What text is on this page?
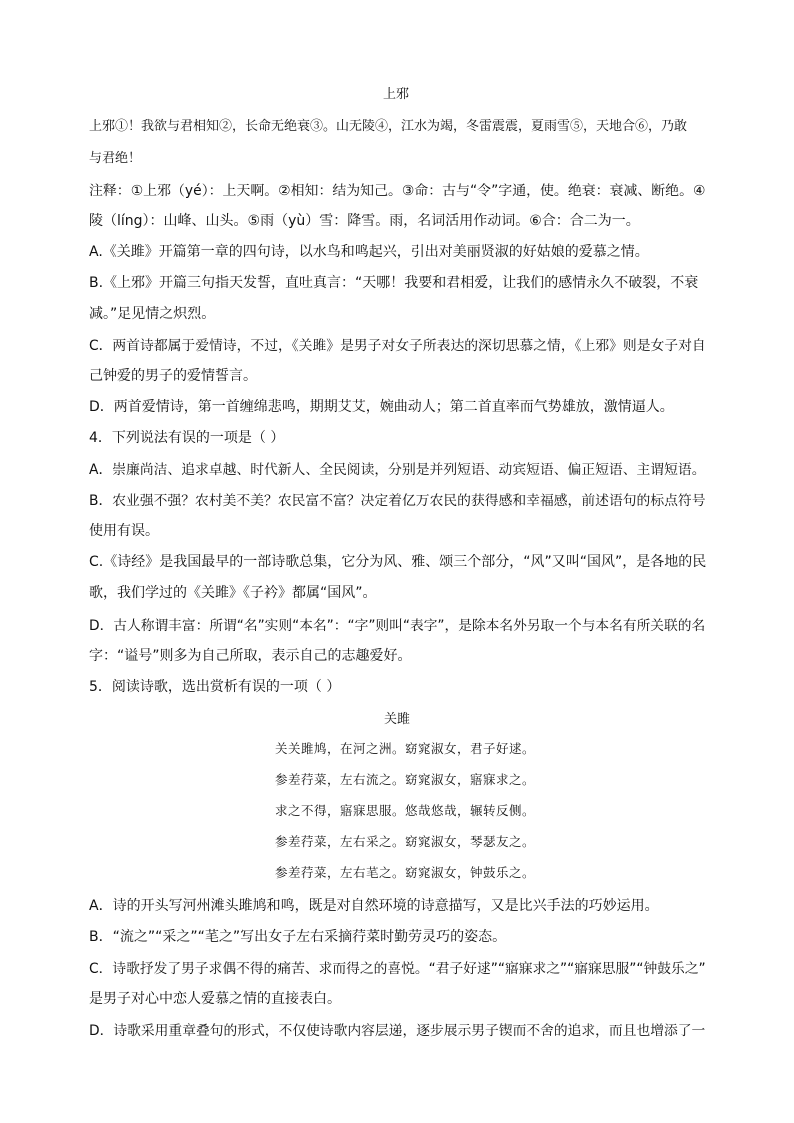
上邪
上邪①！我欲与君相知②，长命无绝衰③。山无陵④，江水为竭，冬雷震震，夏雨雪⑤，天地合⑥，乃敢
与君绝！
注释：①上邪（yé）：上天啊。②相知：结为知己。③命：古与“令”字通，使。绝衰：衰减、断绝。④
陵（líng）：山峰、山头。⑤雨（yù）雪：降雪。雨，名词活用作动词。⑥合：合二为一。
A.《关雎》开篇第一章的四句诗，以水鸟和鸣起兴，引出对美丽贤淑的好姑娘的爱慕之情。
B.《上邪》开篇三句指天发誓，直吐真言：“天哪！我要和君相爱，让我们的感情永久不破裂，不衰
减。”足见情之炽烈。
C．两首诗都属于爱情诗，不过，《关雎》是男子对女子所表达的深切思慕之情，《上邪》则是女子对自
己钟爱的男子的爱情誓言。
D．两首爱情诗，第一首缠绵悲鸣，期期艾艾，婉曲动人；第二首直率而气势雄放，激情逼人。
4．下列说法有误的一项是（ ）
A．崇廉尚洁、追求卓越、时代新人、全民阅读，分别是并列短语、动宾短语、偏正短语、主谓短语。
B．农业强不强？农村美不美？农民富不富？决定着亿万农民的获得感和幸福感，前述语句的标点符号
使用有误。
C.《诗经》是我国最早的一部诗歌总集，它分为风、雅、颂三个部分，“风”又叫“国风”，是各地的民
歌，我们学过的《关雎》《子衿》都属“国风”。
D．古人称谓丰富：所谓“名”实则“本名”：“字”则叫“表字”，是除本名外另取一个与本名有所关联的名
字：“谥号”则多为自己所取，表示自己的志趣爱好。
5．阅读诗歌，选出赏析有误的一项（ ）
关雎
关关雎鸠，在河之洲。窈窕淑女，君子好逑。
参差荇菜，左右流之。窈窕淑女，寤寐求之。
求之不得，寤寐思服。悠哉悠哉，辗转反侧。
参差荇菜，左右采之。窈窕淑女，琴瑟友之。
参差荇菜，左右芼之。窈窕淑女，钟鼓乐之。
A．诗的开头写河州滩头雎鸠和鸣，既是对自然环境的诗意描写，又是比兴手法的巧妙运用。
B．“流之”“采之”“芼之”写出女子左右采摘荇菜时勤劳灵巧的姿态。
C．诗歌抒发了男子求偶不得的痛苦、求而得之的喜悦。“君子好逑”“寤寐求之”“寤寐思服”“钟鼓乐之”
是男子对心中恋人爱慕之情的直接表白。
D．诗歌采用重章叠句的形式，不仅使诗歌内容层递，逐步展示男子锲而不舍的追求，而且也增添了一
